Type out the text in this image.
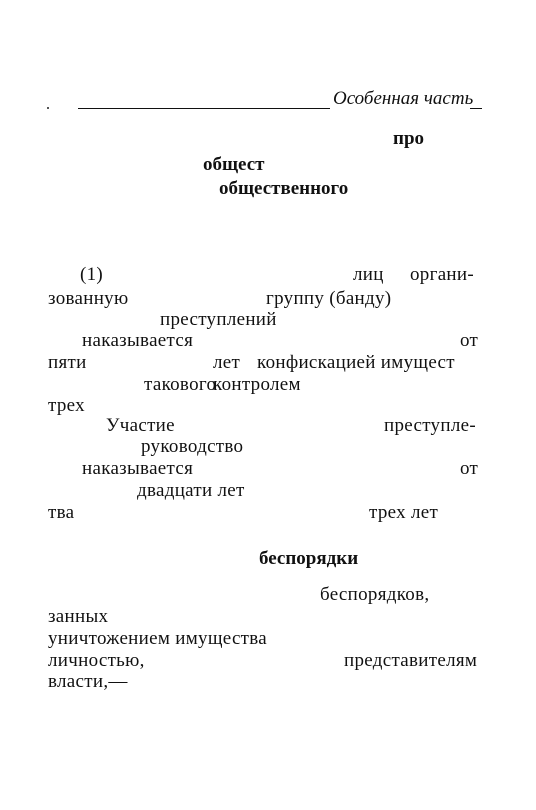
Особенная часть
про
общест
общественного
(1)	лиц органи-
зованную	группу (банду)
преступлений
наказывается	от
пяти	лет конфискацией имущест
такового
контролем
трех
Участие	преступле-
руководство
наказывается	от
двадцати лет
тва	трех лет
беспорядки
беспорядков,
занных
уничтожением имущества
личностью,	представителям
власти,—
